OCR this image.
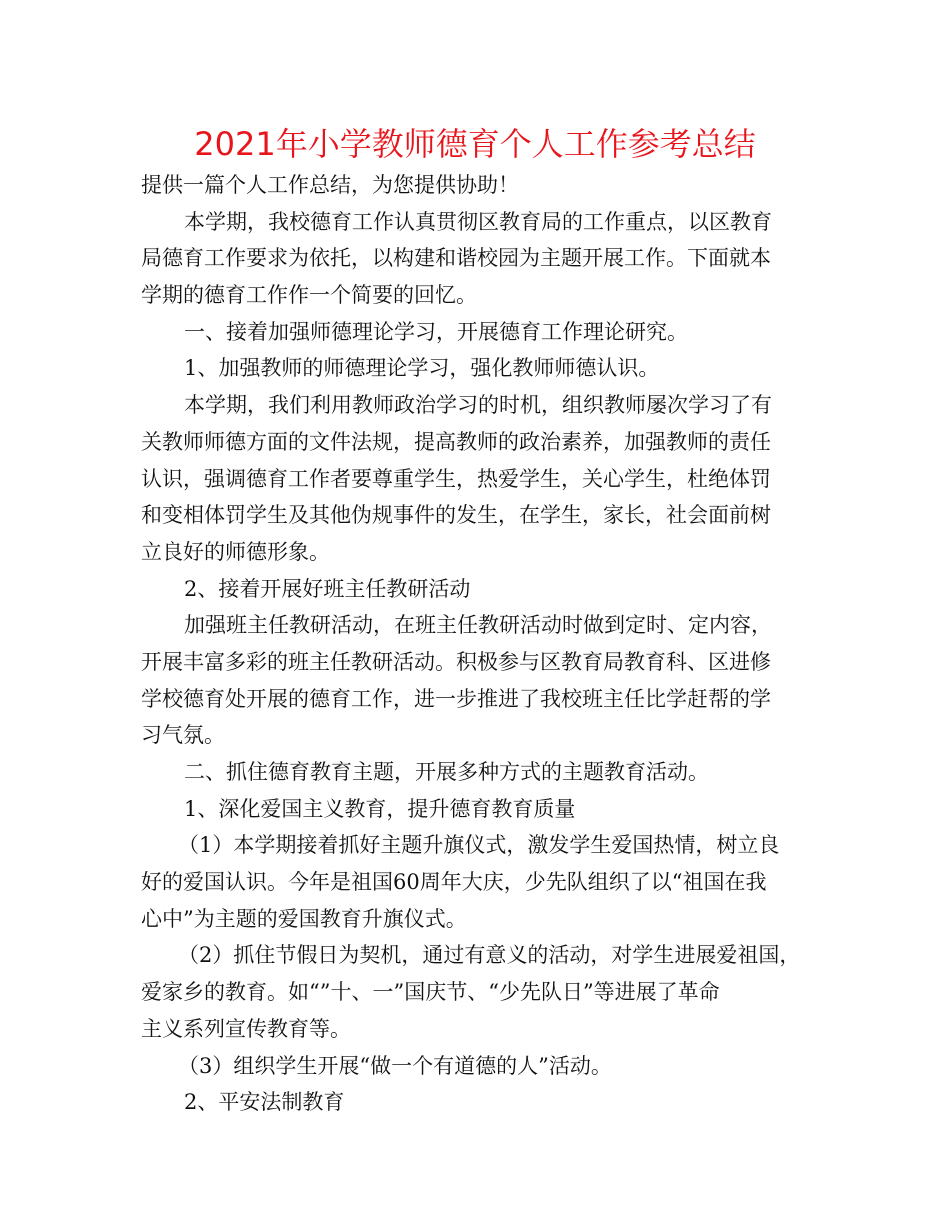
2021年小学教师德育个人工作参考总结
提供一篇个人工作总结，为您提供协助！
本学期，我校德育工作认真贯彻区教育局的工作重点，以区教育
局德育工作要求为依托，以构建和谐校园为主题开展工作。下面就本
学期的德育工作作一个简要的回忆。
一、接着加强师德理论学习，开展德育工作理论研究。
1、加强教师的师德理论学习，强化教师师德认识。
本学期，我们利用教师政治学习的时机，组织教师屡次学习了有
关教师师德方面的文件法规，提高教师的政治素养，加强教师的责任
认识，强调德育工作者要尊重学生，热爱学生，关心学生，杜绝体罚
和变相体罚学生及其他伪规事件的发生，在学生，家长，社会面前树
立良好的师德形象。
2、接着开展好班主任教研活动
加强班主任教研活动，在班主任教研活动时做到定时、定内容，
开展丰富多彩的班主任教研活动。积极参与区教育局教育科、区进修
学校德育处开展的德育工作，进一步推进了我校班主任比学赶帮的学
习气氛。
二、抓住德育教育主题，开展多种方式的主题教育活动。
1、深化爱国主义教育，提升德育教育质量
（1）本学期接着抓好主题升旗仪式，激发学生爱国热情，树立良
好的爱国认识。今年是祖国60周年大庆，少先队组织了以“祖国在我
心中”为主题的爱国教育升旗仪式。
（2）抓住节假日为契机，通过有意义的活动，对学生进展爱祖国，
爱家乡的教育。如“”十、一”国庆节、“少先队日”等进展了革命
主义系列宣传教育等。
（3）组织学生开展“做一个有道德的人”活动。
2、平安法制教育
